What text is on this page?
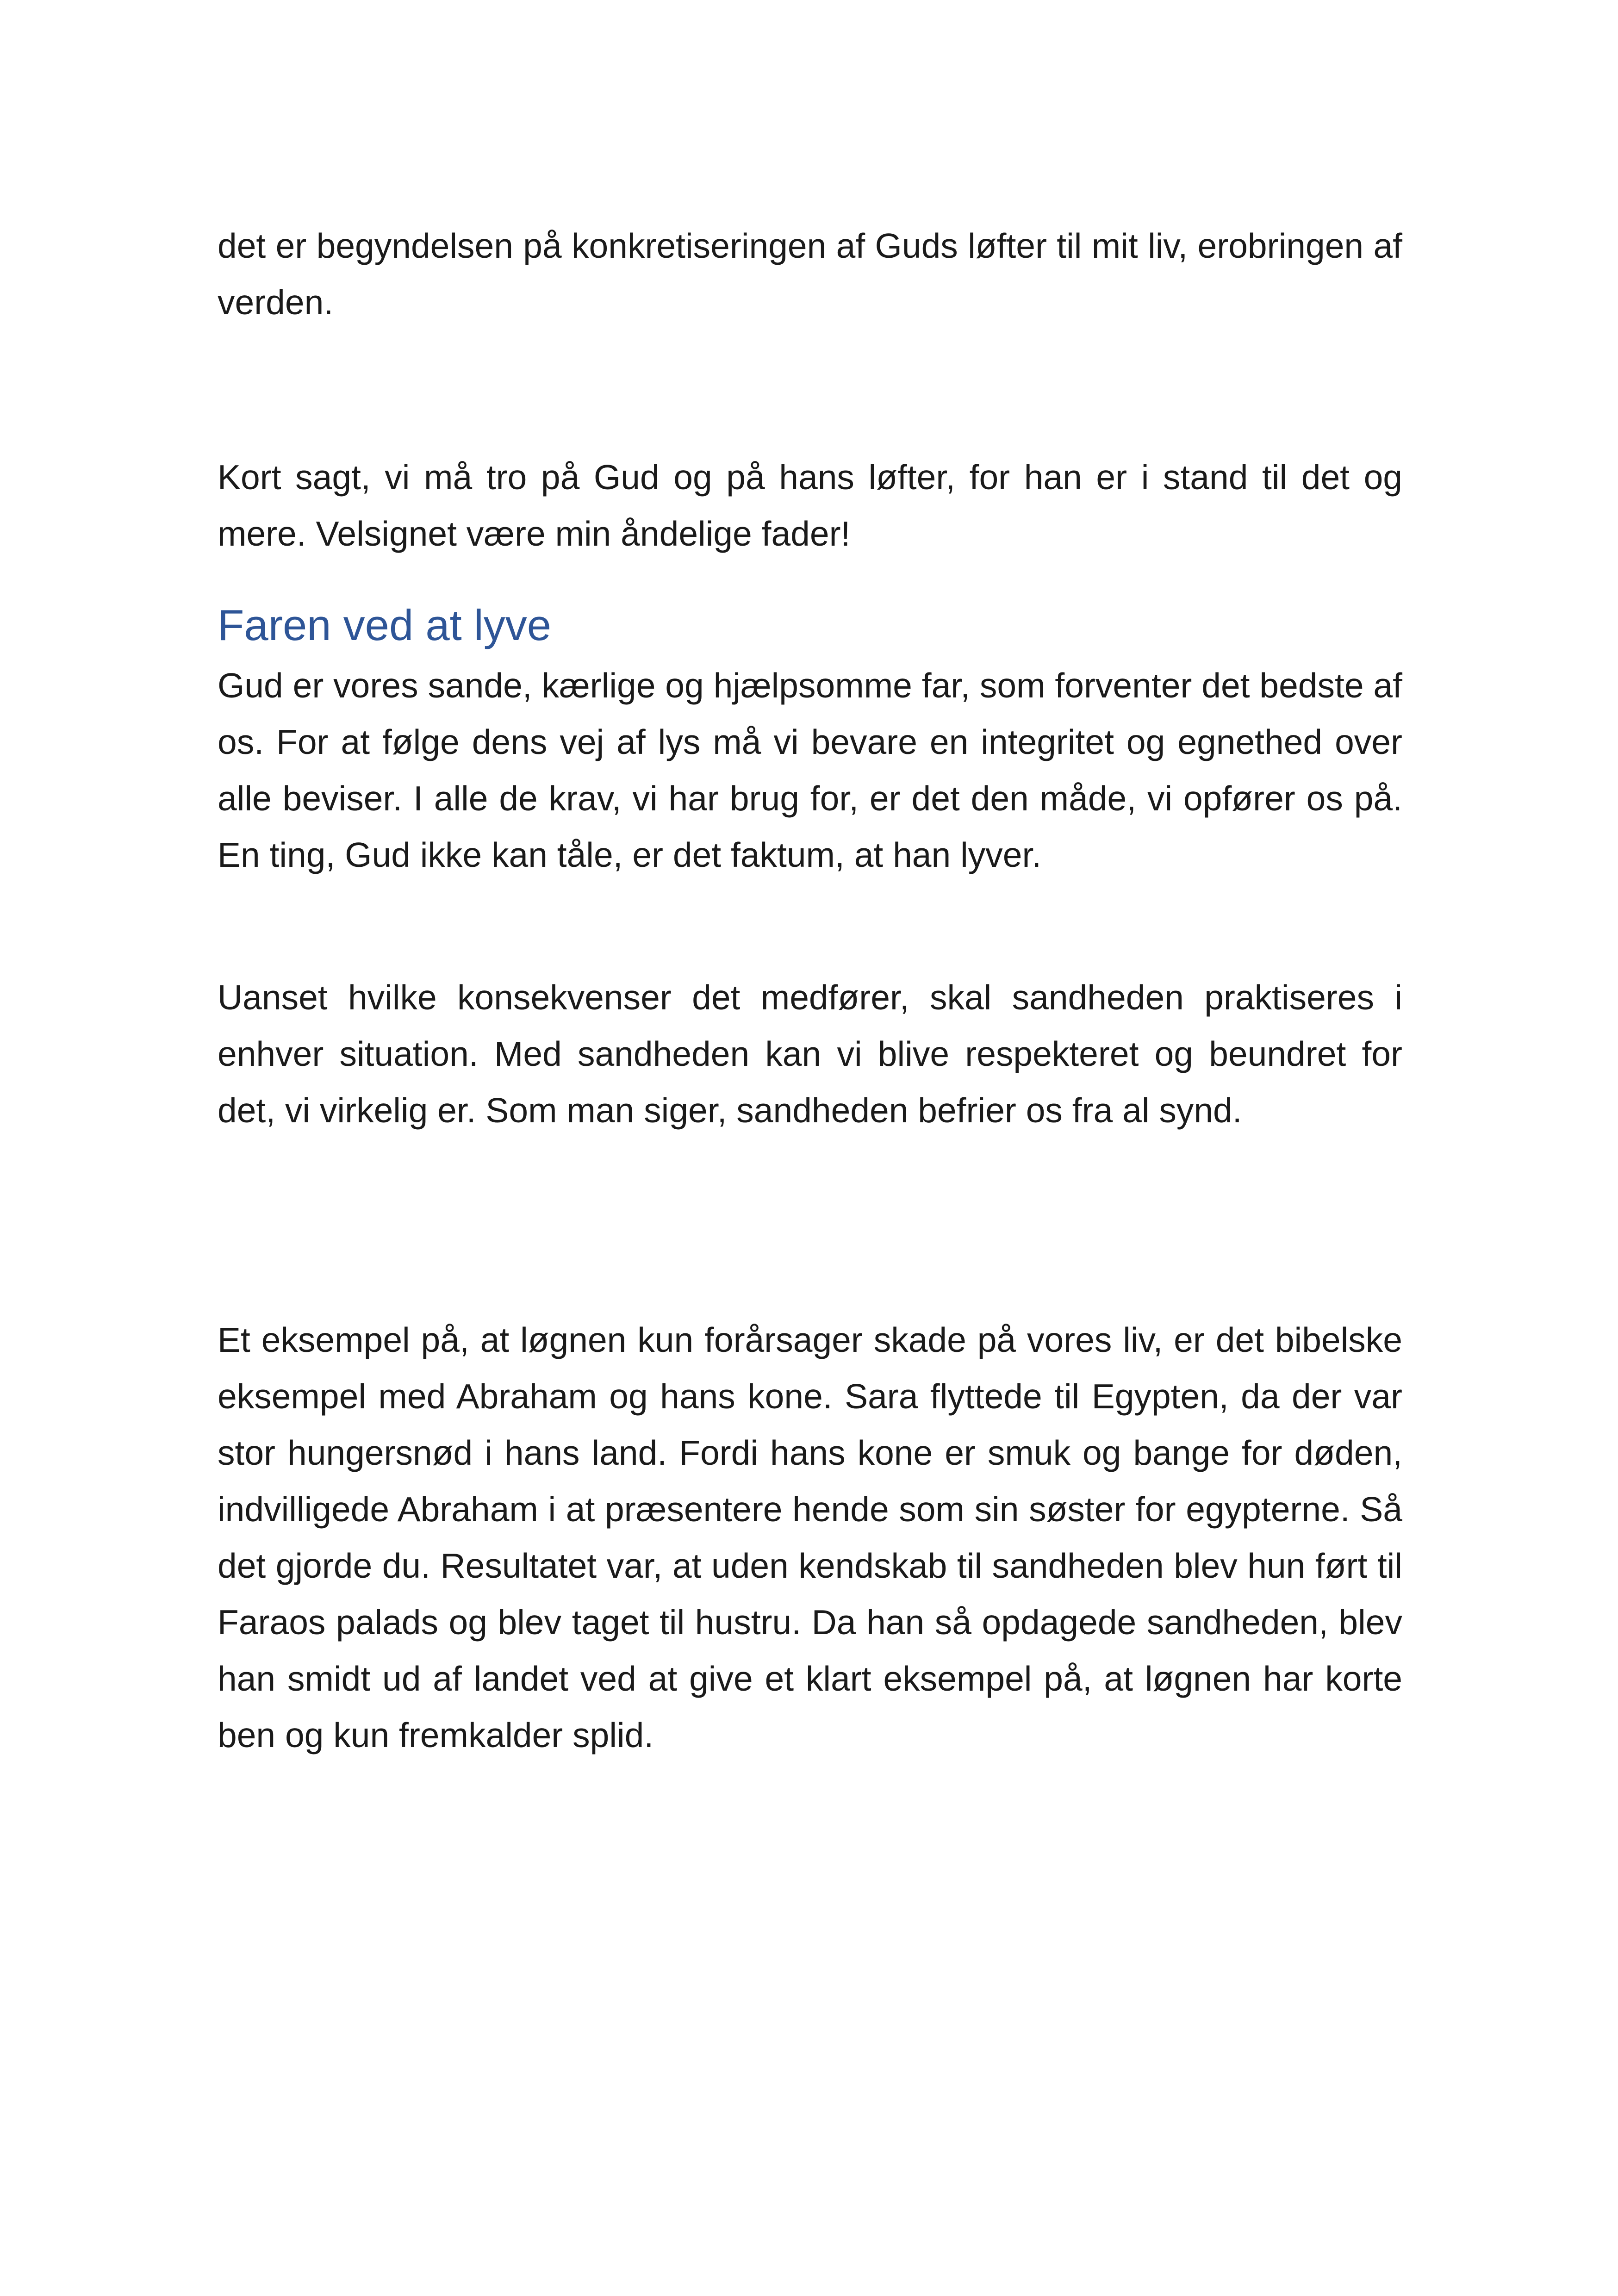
det er begyndelsen på konkretiseringen af Guds løfter til mit liv, erobringen af verden.

Kort sagt, vi må tro på Gud og på hans løfter, for han er i stand til det og mere. Velsignet være min åndelige fader!

Faren ved at lyve

Gud er vores sande, kærlige og hjælpsomme far, som forventer det bedste af os. For at følge dens vej af lys må vi bevare en integritet og egnethed over alle beviser. I alle de krav, vi har brug for, er det den måde, vi opfører os på. En ting, Gud ikke kan tåle, er det faktum, at han lyver.

Uanset hvilke konsekvenser det medfører, skal sandheden praktiseres i enhver situation. Med sandheden kan vi blive respekteret og beundret for det, vi virkelig er. Som man siger, sandheden befrier os fra al synd.

Et eksempel på, at løgnen kun forårsager skade på vores liv, er det bibelske eksempel med Abraham og hans kone. Sara flyttede til Egypten, da der var stor hungersnød i hans land. Fordi hans kone er smuk og bange for døden, indvilligede Abraham i at præsentere hende som sin søster for egypterne. Så det gjorde du. Resultatet var, at uden kendskab til sandheden blev hun ført til Faraos palads og blev taget til hustru. Da han så opdagede sandheden, blev han smidt ud af landet ved at give et klart eksempel på, at løgnen har korte ben og kun fremkalder splid.
